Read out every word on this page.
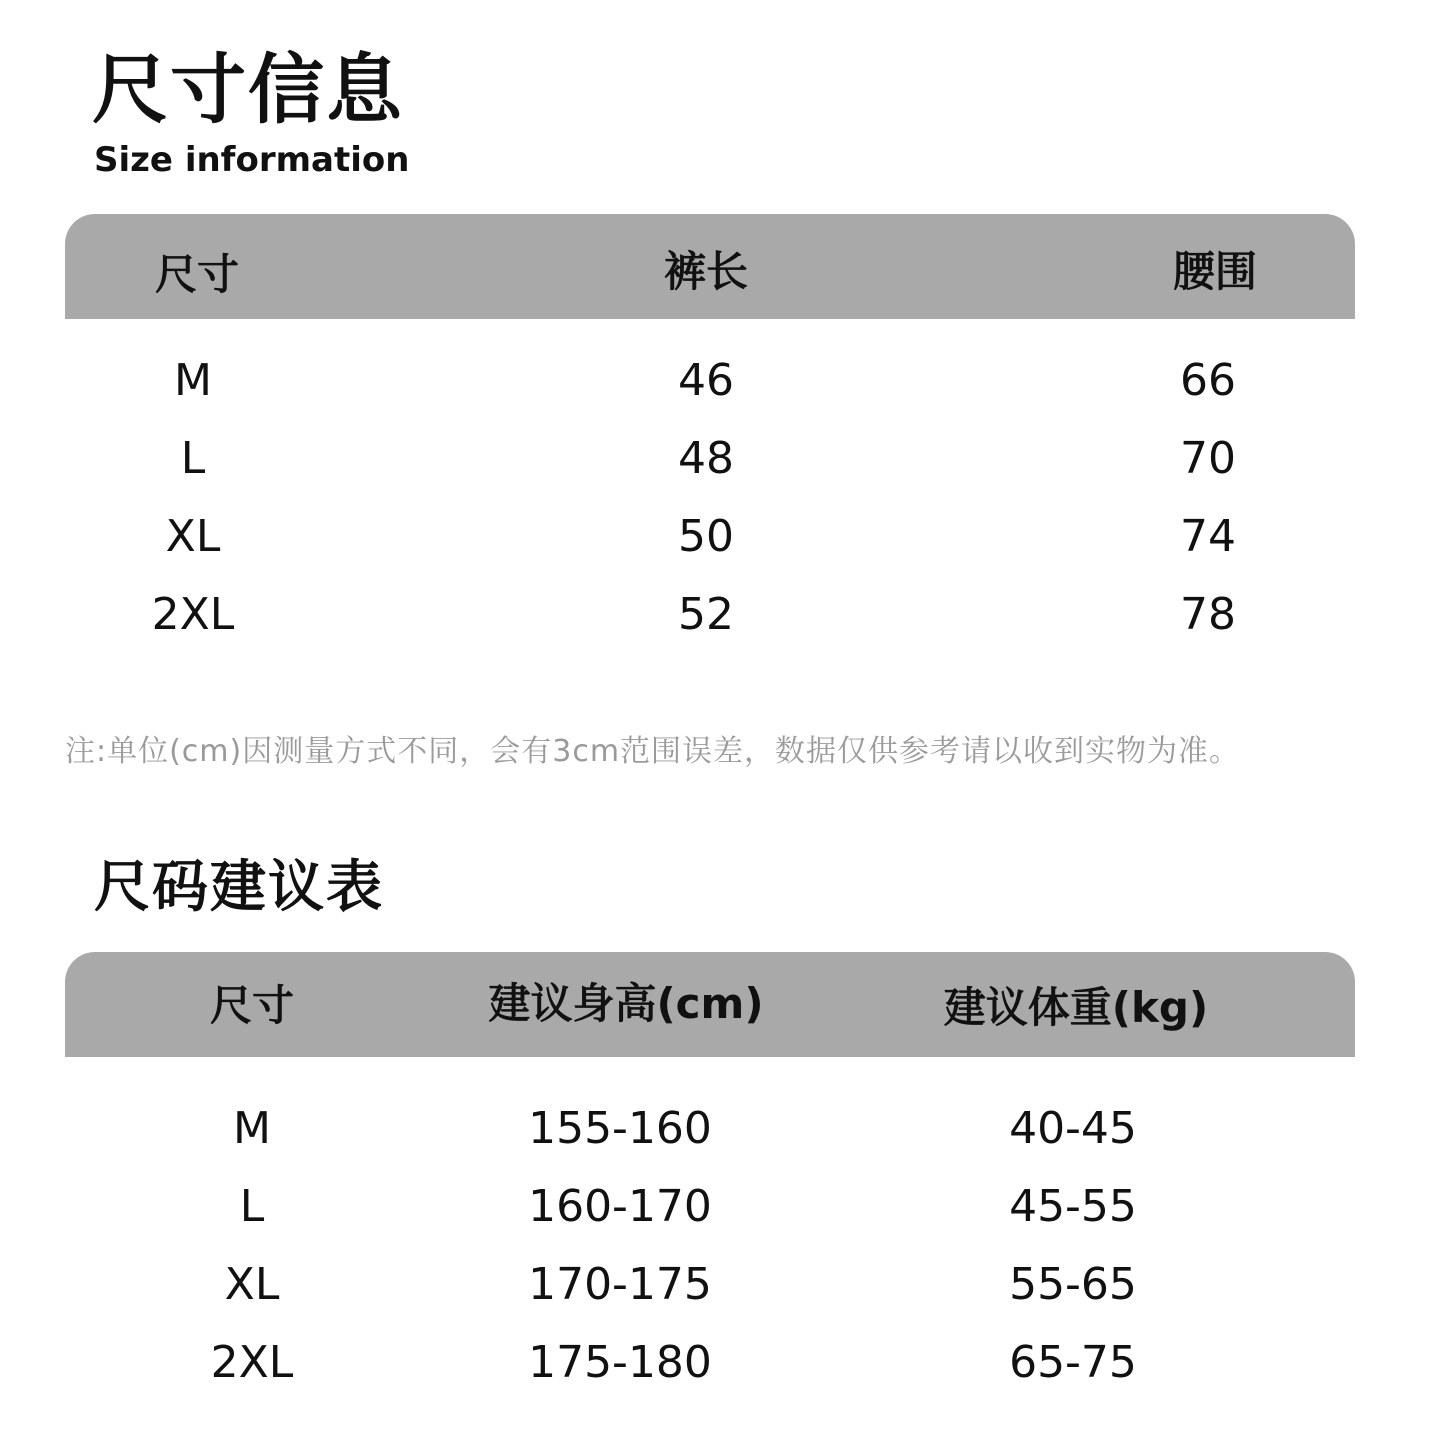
尺寸信息
Size information
尺寸	裤长	腰围
M	46	66
L	48	70
XL	50	74
2XL	52	78
注:单位(cm)因测量方式不同，会有3cm范围误差，数据仅供参考请以收到实物为准。
尺码建议表
尺寸	建议身高(cm)	建议体重(kg)
M	155-160	40-45
L	160-170	45-55
XL	170-175	55-65
2XL	175-180	65-75
